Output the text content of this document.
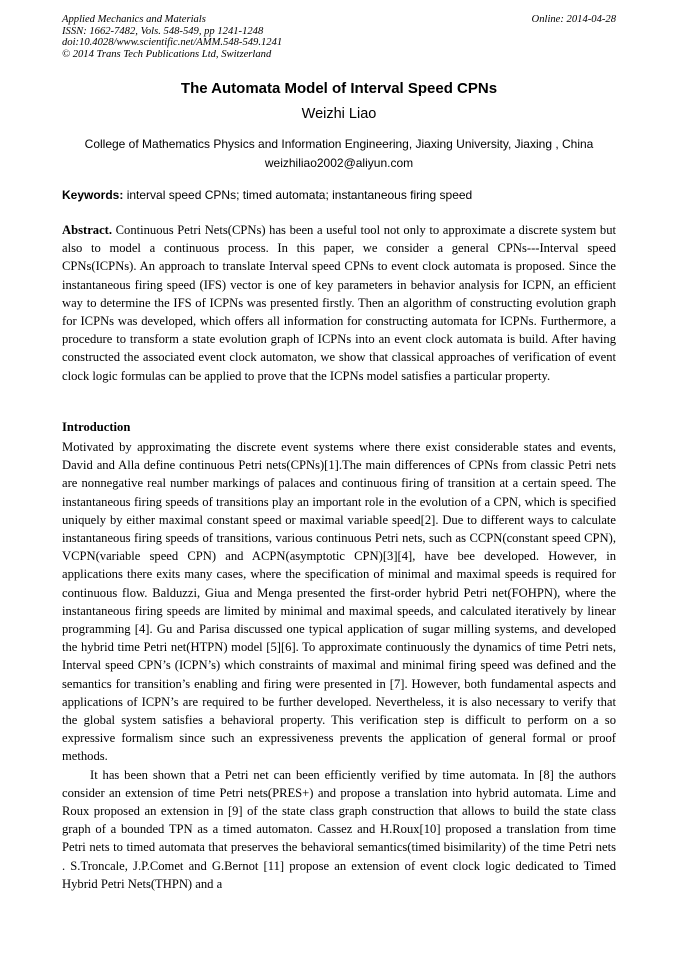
Applied Mechanics and Materials
ISSN: 1662-7482, Vols. 548-549, pp 1241-1248
doi:10.4028/www.scientific.net/AMM.548-549.1241
© 2014 Trans Tech Publications Ltd, Switzerland
Online: 2014-04-28
The Automata Model of Interval Speed CPNs
Weizhi Liao
College of Mathematics Physics and Information Engineering, Jiaxing University, Jiaxing , China
weizhiliao2002@aliyun.com
Keywords: interval speed CPNs; timed automata; instantaneous firing speed
Abstract. Continuous Petri Nets(CPNs) has been a useful tool not only to approximate a discrete system but also to model a continuous process. In this paper, we consider a general CPNs---Interval speed CPNs(ICPNs). An approach to translate Interval speed CPNs to event clock automata is proposed. Since the instantaneous firing speed (IFS) vector is one of key parameters in behavior analysis for ICPN, an efficient way to determine the IFS of ICPNs was presented firstly. Then an algorithm of constructing evolution graph for ICPNs was developed, which offers all information for constructing automata for ICPNs. Furthermore, a procedure to transform a state evolution graph of ICPNs into an event clock automata is build. After having constructed the associated event clock automaton, we show that classical approaches of verification of event clock logic formulas can be applied to prove that the ICPNs model satisfies a particular property.
Introduction

Motivated by approximating the discrete event systems where there exist considerable states and events, David and Alla define continuous Petri nets(CPNs)[1].The main differences of CPNs from classic Petri nets are nonnegative real number markings of palaces and continuous firing of transition at a certain speed. The instantaneous firing speeds of transitions play an important role in the evolution of a CPN, which is specified uniquely by either maximal constant speed or maximal variable speed[2]. Due to different ways to calculate instantaneous firing speeds of transitions, various continuous Petri nets, such as CCPN(constant speed CPN), VCPN(variable speed CPN) and ACPN(asymptotic CPN)[3][4], have bee developed. However, in applications there exits many cases, where the specification of minimal and maximal speeds is required for continuous flow. Balduzzi, Giua and Menga presented the first-order hybrid Petri net(FOHPN), where the instantaneous firing speeds are limited by minimal and maximal speeds, and calculated iteratively by linear programming [4]. Gu and Parisa discussed one typical application of sugar milling systems, and developed the hybrid time Petri net(HTPN) model [5][6]. To approximate continuously the dynamics of time Petri nets, Interval speed CPN’s (ICPN’s) which constraints of maximal and minimal firing speed was defined and the semantics for transition’s enabling and firing were presented in [7]. However, both fundamental aspects and applications of ICPN’s are required to be further developed. Nevertheless, it is also necessary to verify that the global system satisfies a behavioral property. This verification step is difficult to perform on a so expressive formalism since such an expressiveness prevents the application of general formal or proof methods.

It has been shown that a Petri net can been efficiently verified by time automata. In [8] the authors consider an extension of time Petri nets(PRES+) and propose a translation into hybrid automata. Lime and Roux proposed an extension in [9] of the state class graph construction that allows to build the state class graph of a bounded TPN as a timed automaton. Cassez and H.Roux[10] proposed a translation from time Petri nets to timed automata that preserves the behavioral semantics(timed bisimilarity) of the time Petri nets . S.Troncale, J.P.Comet and G.Bernot [11] propose an extension of event clock logic dedicated to Timed Hybrid Petri Nets(THPN) and a
